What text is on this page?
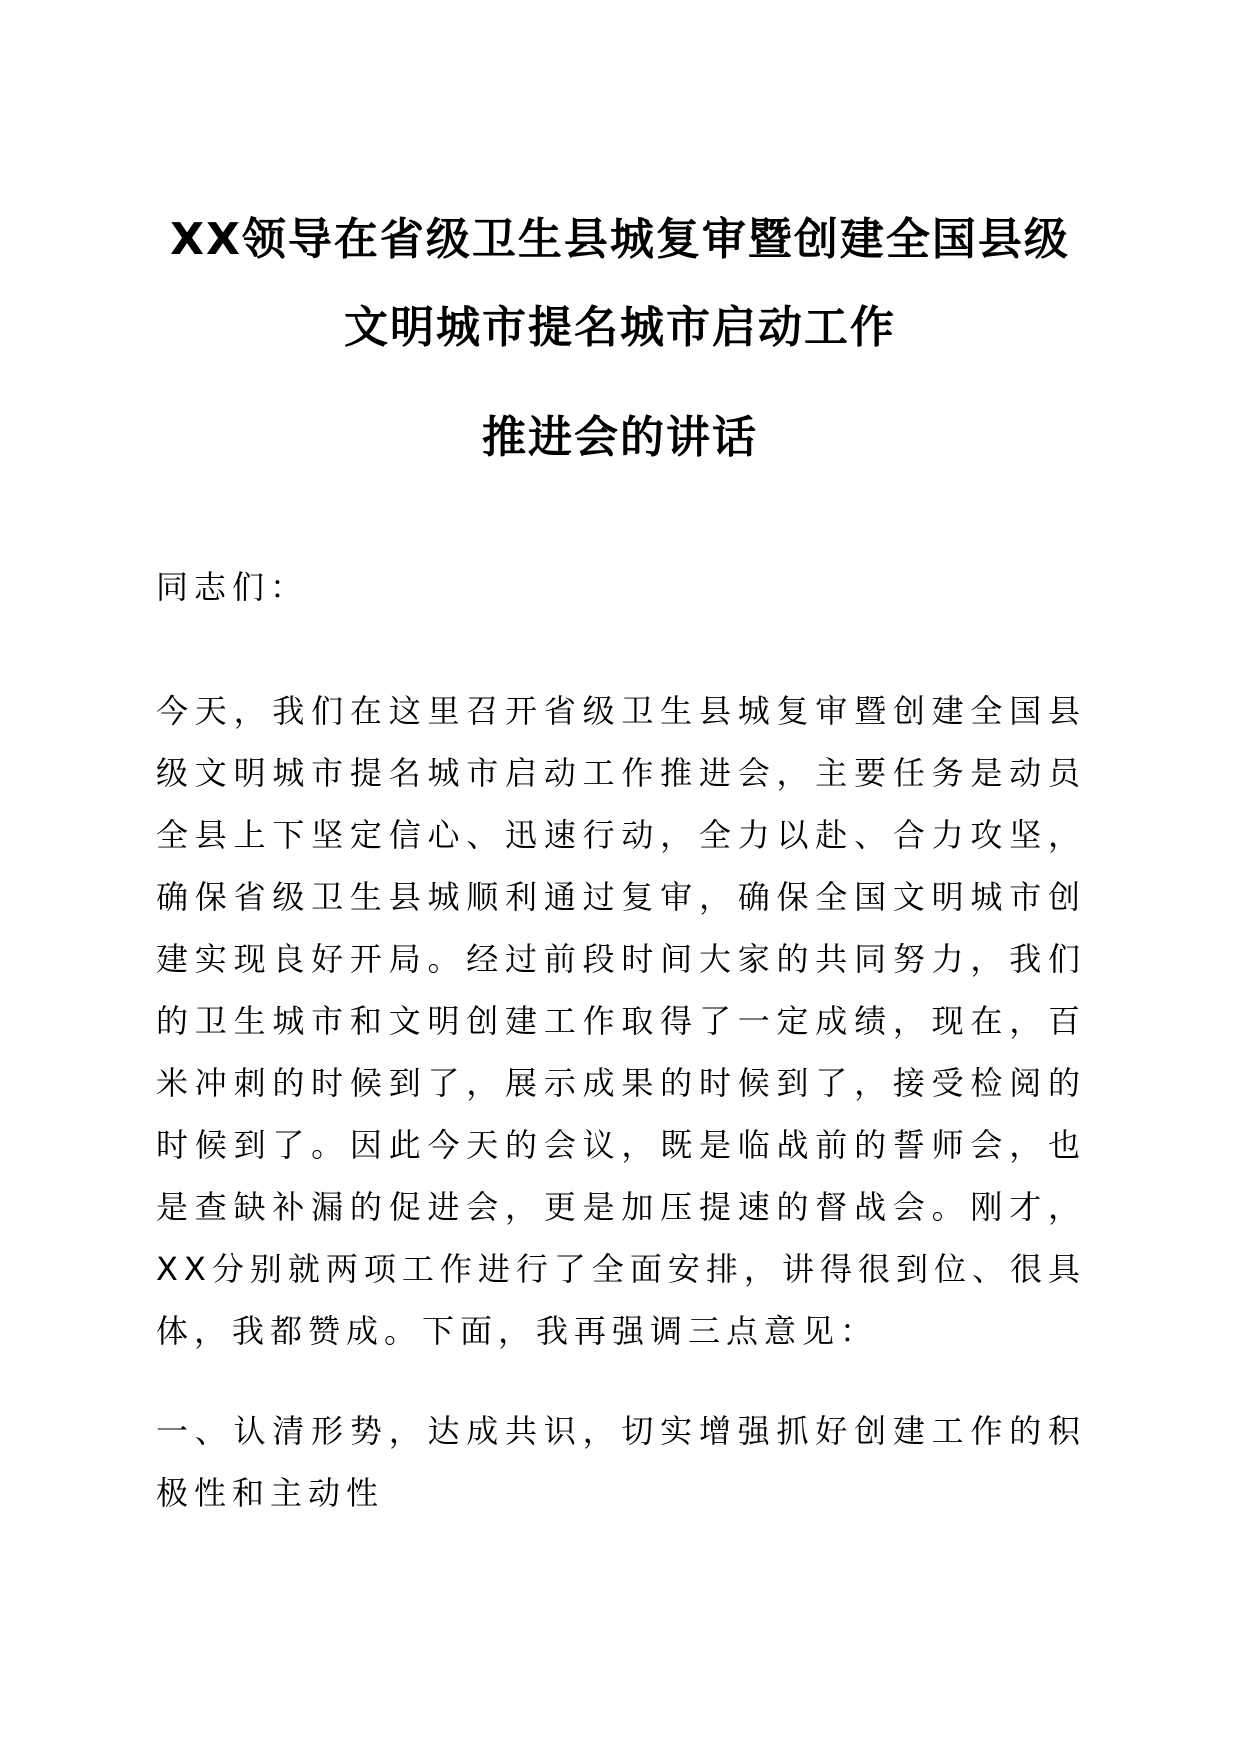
XX领导在省级卫生县城复审暨创建全国县级
文明城市提名城市启动工作
推进会的讲话
同志们：
今天，我们在这里召开省级卫生县城复审暨创建全国县级文明城市提名城市启动工作推进会，主要任务是动员全县上下坚定信心、迅速行动，全力以赴、合力攻坚，确保省级卫生县城顺利通过复审，确保全国文明城市创建实现良好开局。经过前段时间大家的共同努力，我们的卫生城市和文明创建工作取得了一定成绩，现在，百米冲刺的时候到了，展示成果的时候到了，接受检阅的时候到了。因此今天的会议，既是临战前的誓师会，也是查缺补漏的促进会，更是加压提速的督战会。刚才，XX分别就两项工作进行了全面安排，讲得很到位、很具体，我都赞成。下面，我再强调三点意见：
一、认清形势，达成共识，切实增强抓好创建工作的积极性和主动性
